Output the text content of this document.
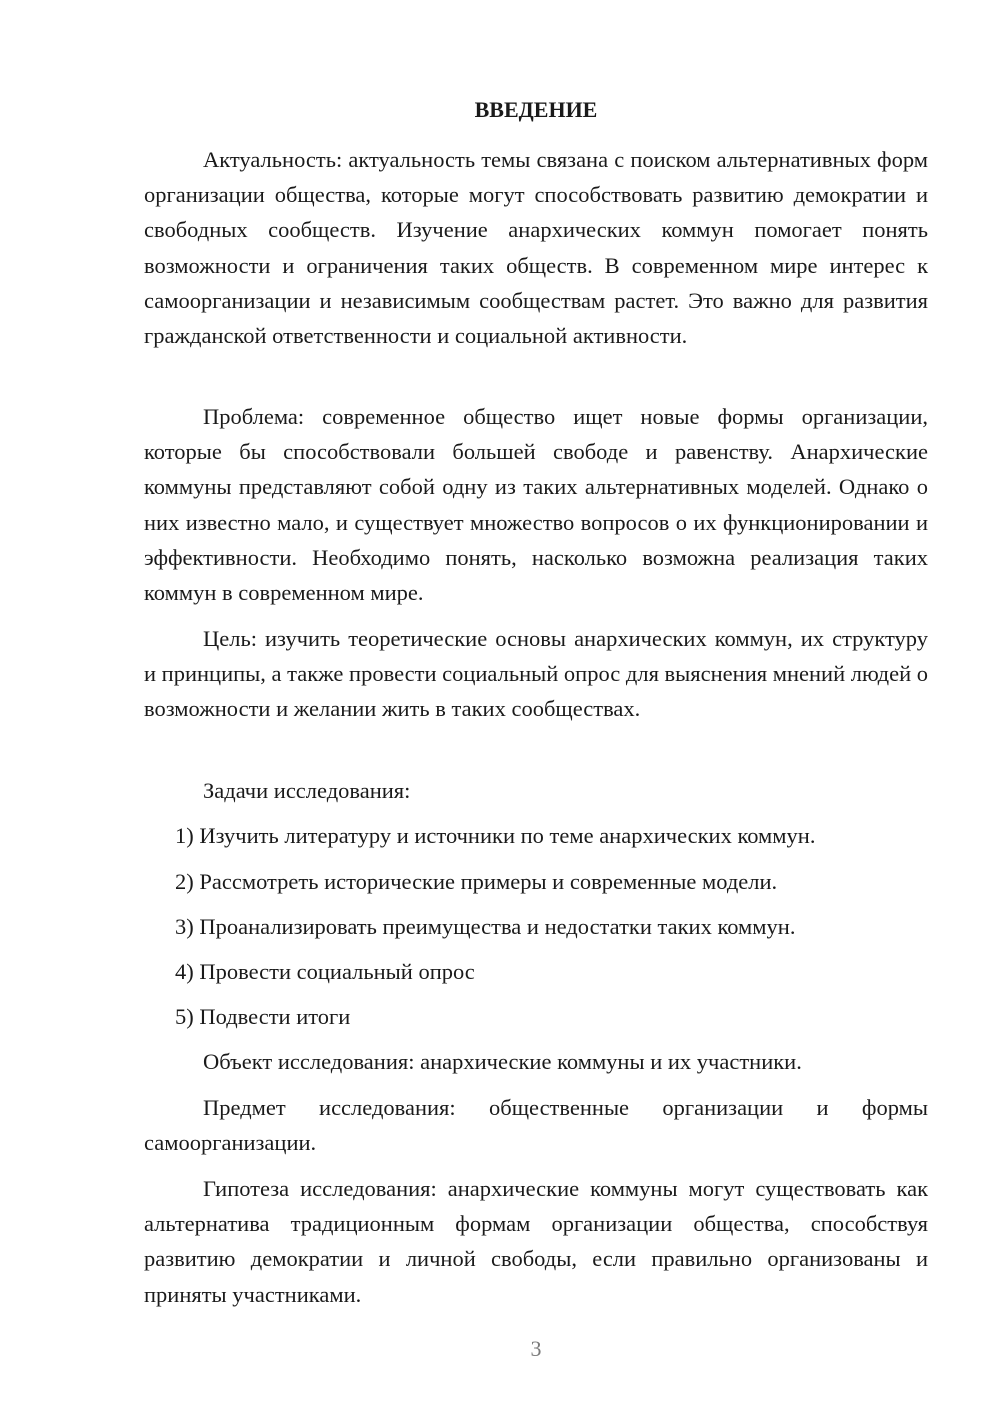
ВВЕДЕНИЕ

Актуальность: актуальность темы связана с поиском альтернативных форм организации общества, которые могут способствовать развитию демократии и свободных сообществ. Изучение анархических коммун помогает понять возможности и ограничения таких обществ. В современном мире интерес к самоорганизации и независимым сообществам растет. Это важно для развития гражданской ответственности и социальной активности.

Проблема: современное общество ищет новые формы организации, которые бы способствовали большей свободе и равенству. Анархические коммуны представляют собой одну из таких альтернативных моделей. Однако о них известно мало, и существует множество вопросов о их функционировании и эффективности. Необходимо понять, насколько возможна реализация таких коммун в современном мире.

Цель: изучить теоретические основы анархических коммун, их структуру и принципы, а также провести социальный опрос для выяснения мнений людей о возможности и желании жить в таких сообществах.

Задачи исследования:

1) Изучить литературу и источники по теме анархических коммун.

2) Рассмотреть исторические примеры и современные модели.

3) Проанализировать преимущества и недостатки таких коммун.

4) Провести социальный опрос

5) Подвести итоги

Объект исследования: анархические коммуны и их участники.

Предмет исследования: общественные организации и формы самоорганизации.

Гипотеза исследования: анархические коммуны могут существовать как альтернатива традиционным формам организации общества, способствуя развитию демократии и личной свободы, если правильно организованы и приняты участниками.

3
